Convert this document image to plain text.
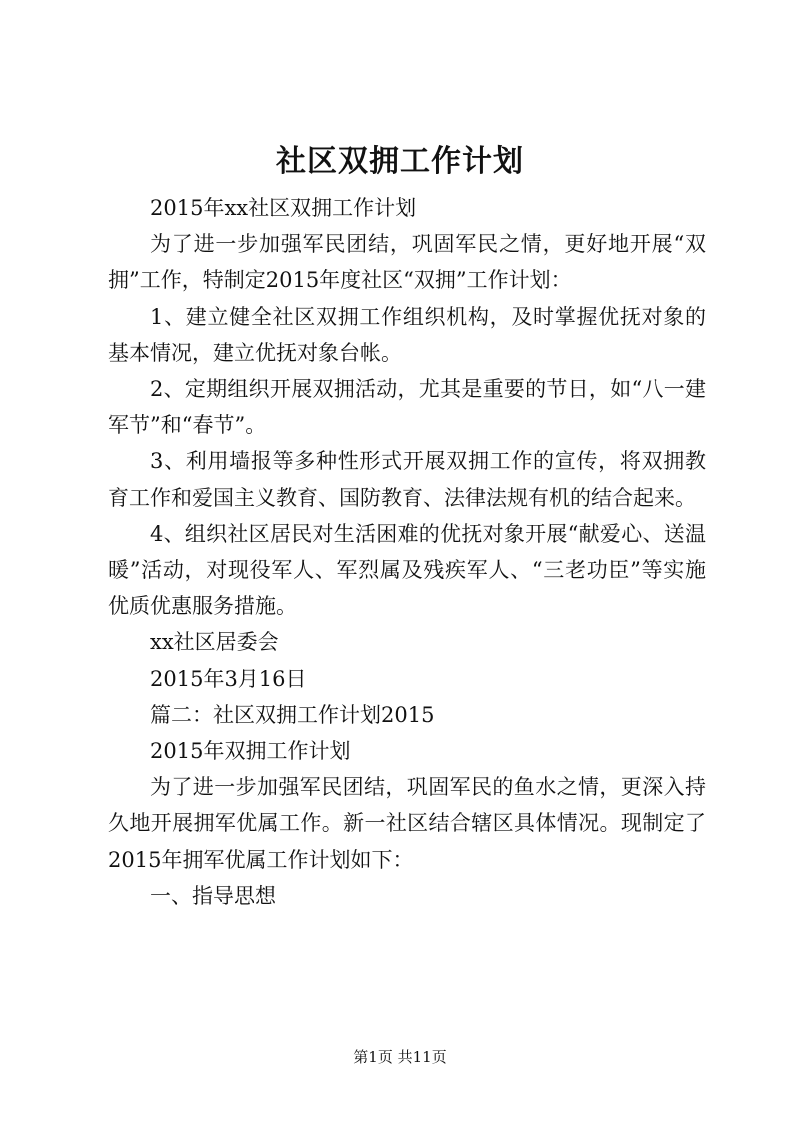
社区双拥工作计划

2015年xx社区双拥工作计划

为了进一步加强军民团结，巩固军民之情，更好地开展“双拥”工作，特制定2015年度社区“双拥”工作计划：

1、建立健全社区双拥工作组织机构，及时掌握优抚对象的基本情况，建立优抚对象台帐。

2、定期组织开展双拥活动，尤其是重要的节日，如“八一建军节”和“春节”。

3、利用墙报等多种性形式开展双拥工作的宣传，将双拥教育工作和爱国主义教育、国防教育、法律法规有机的结合起来。

4、组织社区居民对生活困难的优抚对象开展“献爱心、送温暖”活动，对现役军人、军烈属及残疾军人、“三老功臣”等实施优质优惠服务措施。

xx社区居委会

2015年3月16日

篇二：社区双拥工作计划2015

2015年双拥工作计划

为了进一步加强军民团结，巩固军民的鱼水之情，更深入持久地开展拥军优属工作。新一社区结合辖区具体情况。现制定了2015年拥军优属工作计划如下：

一、指导思想

第1页 共11页
